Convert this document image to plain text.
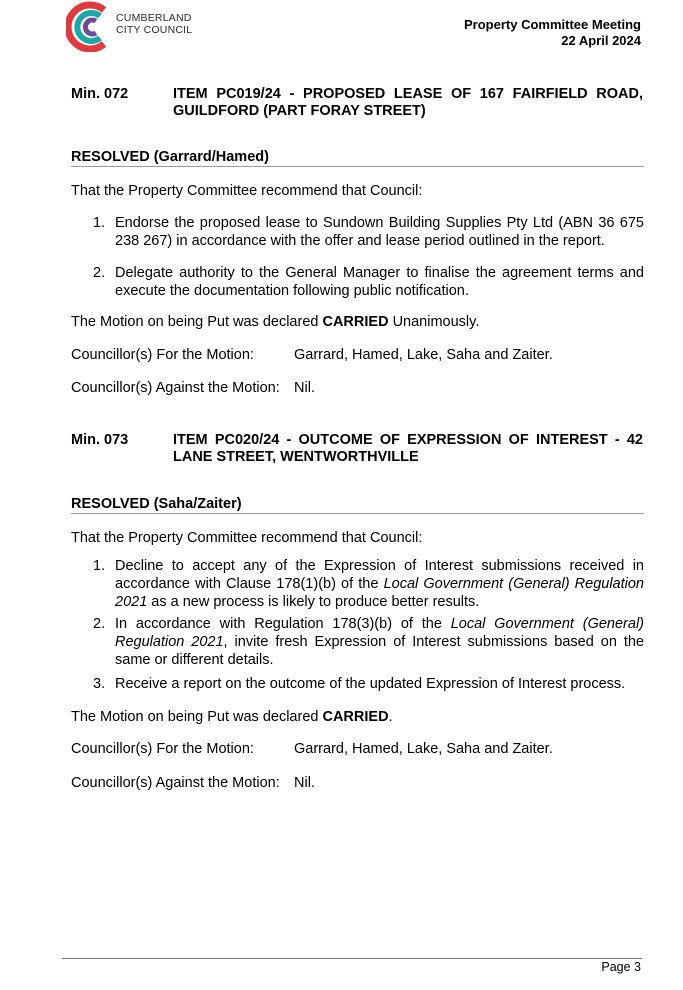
CUMBERLAND
CITY COUNCIL	Property Committee Meeting
22 April 2024
Min. 072	ITEM PC019/24 - PROPOSED LEASE OF 167 FAIRFIELD ROAD, GUILDFORD (PART FORAY STREET)
RESOLVED (Garrard/Hamed)
That the Property Committee recommend that Council:
1. Endorse the proposed lease to Sundown Building Supplies Pty Ltd (ABN 36 675 238 267) in accordance with the offer and lease period outlined in the report.
2. Delegate authority to the General Manager to finalise the agreement terms and execute the documentation following public notification.
The Motion on being Put was declared CARRIED Unanimously.
Councillor(s) For the Motion:	Garrard, Hamed, Lake, Saha and Zaiter.
Councillor(s) Against the Motion: Nil.
Min. 073	ITEM PC020/24 - OUTCOME OF EXPRESSION OF INTEREST - 42 LANE STREET, WENTWORTHVILLE
RESOLVED (Saha/Zaiter)
That the Property Committee recommend that Council:
1. Decline to accept any of the Expression of Interest submissions received in accordance with Clause 178(1)(b) of the Local Government (General) Regulation 2021 as a new process is likely to produce better results.
2. In accordance with Regulation 178(3)(b) of the Local Government (General) Regulation 2021, invite fresh Expression of Interest submissions based on the same or different details.
3. Receive a report on the outcome of the updated Expression of Interest process.
The Motion on being Put was declared CARRIED.
Councillor(s) For the Motion:	Garrard, Hamed, Lake, Saha and Zaiter.
Councillor(s) Against the Motion: Nil.
Page 3
